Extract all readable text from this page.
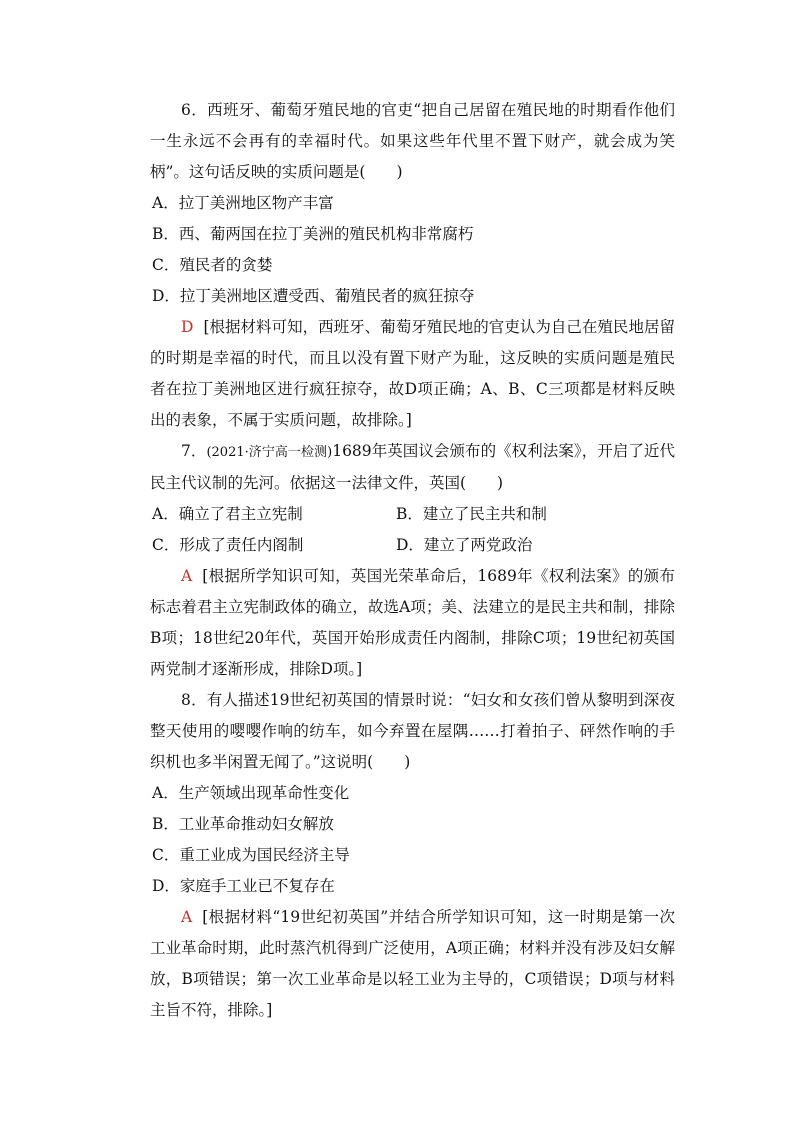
6．西班牙、葡萄牙殖民地的官吏“把自己居留在殖民地的时期看作他们一生永远不会再有的幸福时代。如果这些年代里不置下财产，就会成为笑柄”。这句话反映的实质问题是(　　)

A．拉丁美洲地区物产丰富

B．西、葡两国在拉丁美洲的殖民机构非常腐朽

C．殖民者的贪婪

D．拉丁美洲地区遭受西、葡殖民者的疯狂掠夺

D [根据材料可知，西班牙、葡萄牙殖民地的官吏认为自己在殖民地居留的时期是幸福的时代，而且以没有置下财产为耻，这反映的实质问题是殖民者在拉丁美洲地区进行疯狂掠夺，故D项正确；A、B、C三项都是材料反映出的表象，不属于实质问题，故排除。]

7．(2021·济宁高一检测)1689年英国议会颁布的《权利法案》，开启了近代民主代议制的先河。依据这一法律文件，英国(　　)

A．确立了君主立宪制	B．建立了民主共和制

C．形成了责任内阁制	D．建立了两党政治

A [根据所学知识可知，英国光荣革命后，1689年《权利法案》的颁布标志着君主立宪制政体的确立，故选A项；美、法建立的是民主共和制，排除B项；18世纪20年代，英国开始形成责任内阁制，排除C项；19世纪初英国两党制才逐渐形成，排除D项。]

8．有人描述19世纪初英国的情景时说：“妇女和女孩们曾从黎明到深夜整天使用的嘤嘤作响的纺车，如今弃置在屋隅……打着拍子、砰然作响的手织机也多半闲置无闻了。”这说明(　　)

A．生产领域出现革命性变化

B．工业革命推动妇女解放

C．重工业成为国民经济主导

D．家庭手工业已不复存在

A [根据材料“19世纪初英国”并结合所学知识可知，这一时期是第一次工业革命时期，此时蒸汽机得到广泛使用，A项正确；材料并没有涉及妇女解放，B项错误；第一次工业革命是以轻工业为主导的，C项错误；D项与材料主旨不符，排除。]
